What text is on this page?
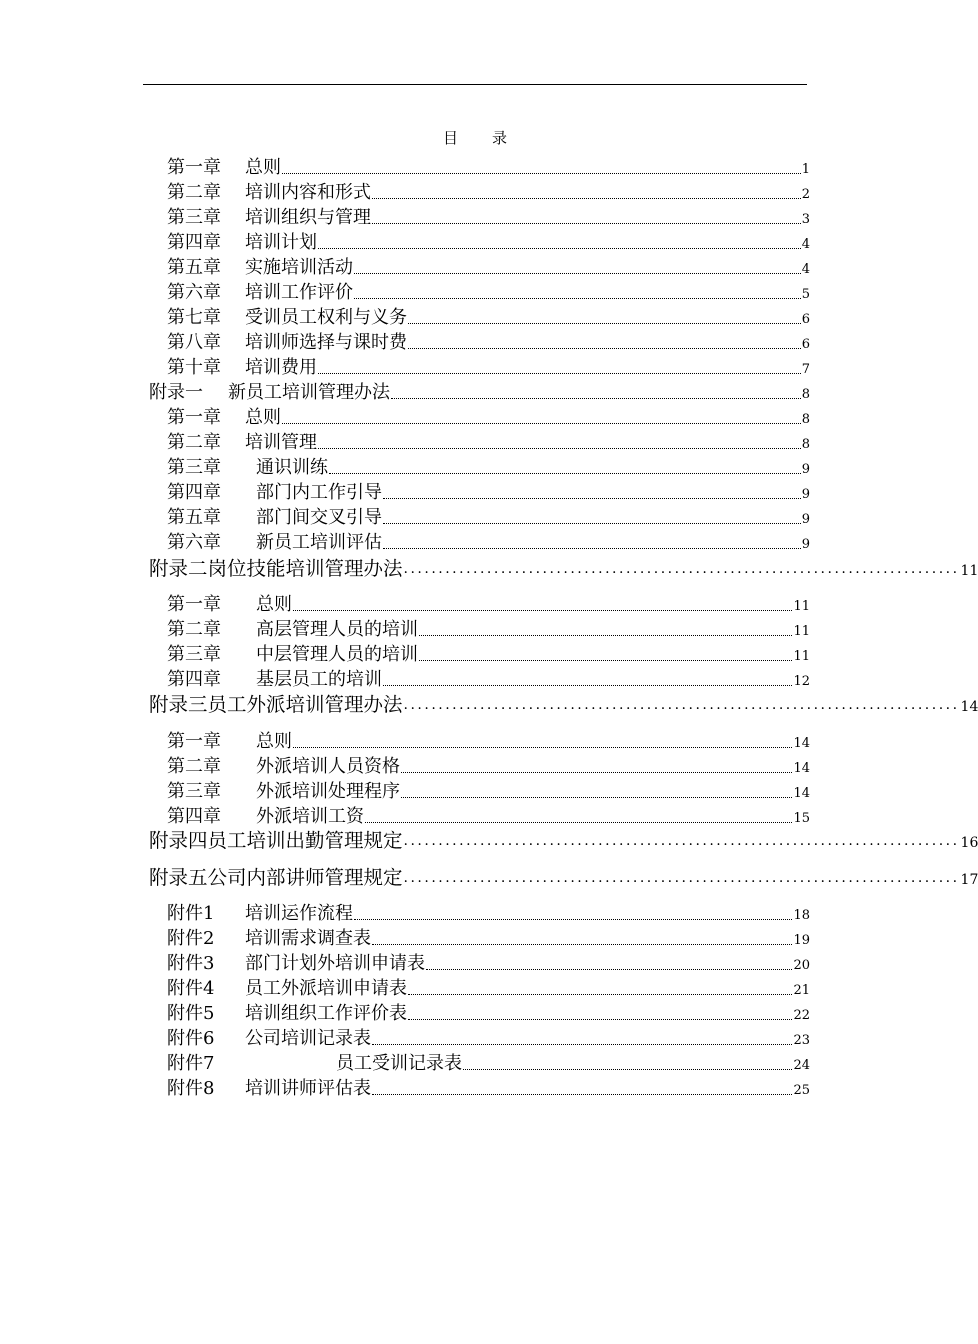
目 录
第一章	总则	1
第二章	培训内容和形式	2
第三章	培训组织与管理	3
第四章	培训计划	4
第五章	实施培训活动	4
第六章	培训工作评价	5
第七章	受训员工权利与义务	6
第八章	培训师选择与课时费	6
第十章	培训费用	7
附录一	新员工培训管理办法	8
第一章	总则	8
第二章	培训管理	8
第三章	通识训练	9
第四章	部门内工作引导	9
第五章	部门间交叉引导	9
第六章	新员工培训评估	9
附录二 岗位技能培训管理办法 ................................................................................ 11
第一章	总则	11
第二章	高层管理人员的培训	11
第三章	中层管理人员的培训	11
第四章	基层员工的培训	12
附录三 员工外派培训管理办法 ................................................................................ 14
第一章	总则	14
第二章	外派培训人员资格	14
第三章	外派培训处理程序	14
第四章	外派培训工资	15
附录四 员工培训出勤管理规定 ................................................................................ 16
附录五 公司内部讲师管理规定 ................................................................................ 17
附件1	培训运作流程	18
附件2	培训需求调查表	19
附件3	部门计划外培训申请表	20
附件4	员工外派培训申请表	21
附件5	培训组织工作评价表	22
附件6	公司培训记录表	23
附件7	员工受训记录表	24
附件8	培训讲师评估表	25
